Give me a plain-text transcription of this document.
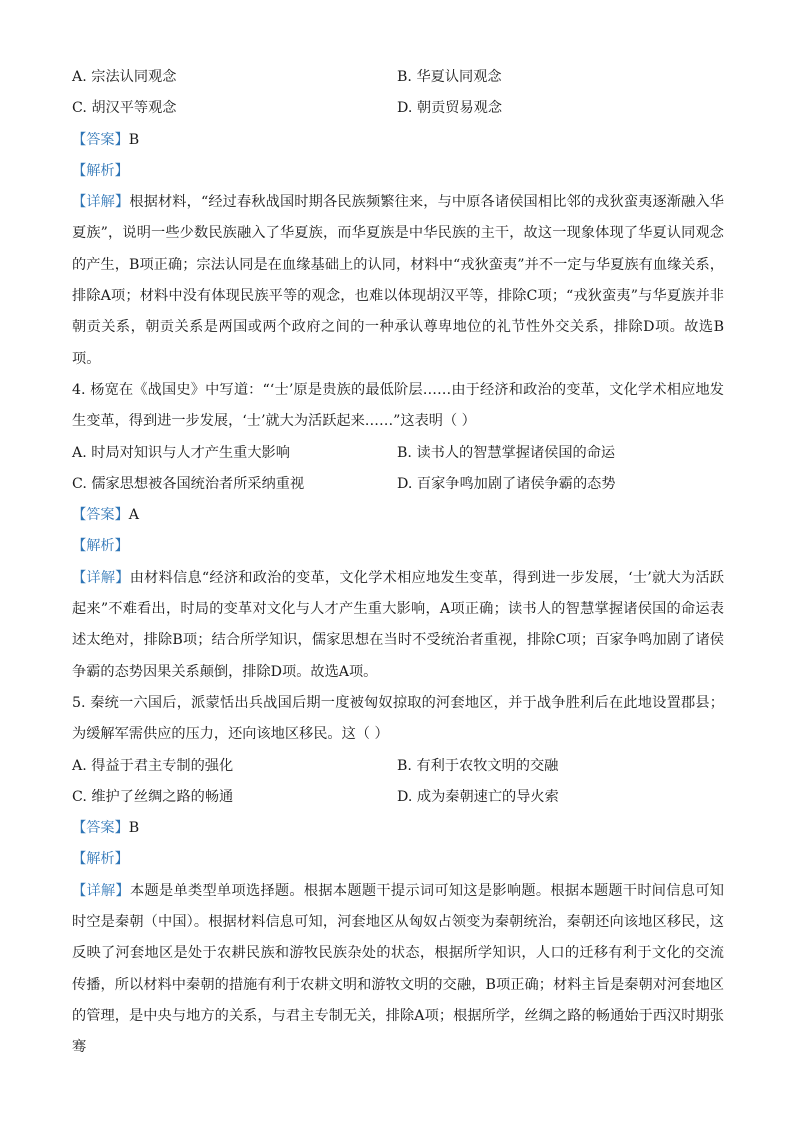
A. 宗法认同观念	B. 华夏认同观念
C. 胡汉平等观念	D. 朝贡贸易观念
【答案】B
【解析】
【详解】根据材料，“经过春秋战国时期各民族频繁往来，与中原各诸侯国相比邻的戎狄蛮夷逐渐融入华夏族”，说明一些少数民族融入了华夏族，而华夏族是中华民族的主干，故这一现象体现了华夏认同观念的产生，B项正确；宗法认同是在血缘基础上的认同，材料中“戎狄蛮夷”并不一定与华夏族有血缘关系，排除A项；材料中没有体现民族平等的观念，也难以体现胡汉平等，排除C项；“戎狄蛮夷”与华夏族并非朝贡关系，朝贡关系是两国或两个政府之间的一种承认尊卑地位的礼节性外交关系，排除D项。故选B项。
4. 杨宽在《战国史》中写道：“‘士’原是贵族的最低阶层……由于经济和政治的变革，文化学术相应地发生变革，得到进一步发展，‘士’就大为活跃起来……”这表明（ ）
A. 时局对知识与人才产生重大影响	B. 读书人的智慧掌握诸侯国的命运
C. 儒家思想被各国统治者所采纳重视	D. 百家争鸣加剧了诸侯争霸的态势
【答案】A
【解析】
【详解】由材料信息“经济和政治的变革，文化学术相应地发生变革，得到进一步发展，‘士’就大为活跃起来”不难看出，时局的变革对文化与人才产生重大影响，A项正确；读书人的智慧掌握诸侯国的命运表述太绝对，排除B项；结合所学知识，儒家思想在当时不受统治者重视，排除C项；百家争鸣加剧了诸侯争霸的态势因果关系颠倒，排除D项。故选A项。
5. 秦统一六国后，派蒙恬出兵战国后期一度被匈奴掠取的河套地区，并于战争胜利后在此地设置郡县；为缓解军需供应的压力，还向该地区移民。这（ ）
A. 得益于君主专制的强化	B. 有利于农牧文明的交融
C. 维护了丝绸之路的畅通	D. 成为秦朝速亡的导火索
【答案】B
【解析】
【详解】本题是单类型单项选择题。根据本题题干提示词可知这是影响题。根据本题题干时间信息可知时空是秦朝（中国）。根据材料信息可知，河套地区从匈奴占领变为秦朝统治，秦朝还向该地区移民，这反映了河套地区是处于农耕民族和游牧民族杂处的状态，根据所学知识，人口的迁移有利于文化的交流传播，所以材料中秦朝的措施有利于农耕文明和游牧文明的交融，B项正确；材料主旨是秦朝对河套地区的管理，是中央与地方的关系，与君主专制无关，排除A项；根据所学，丝绸之路的畅通始于西汉时期张骞
